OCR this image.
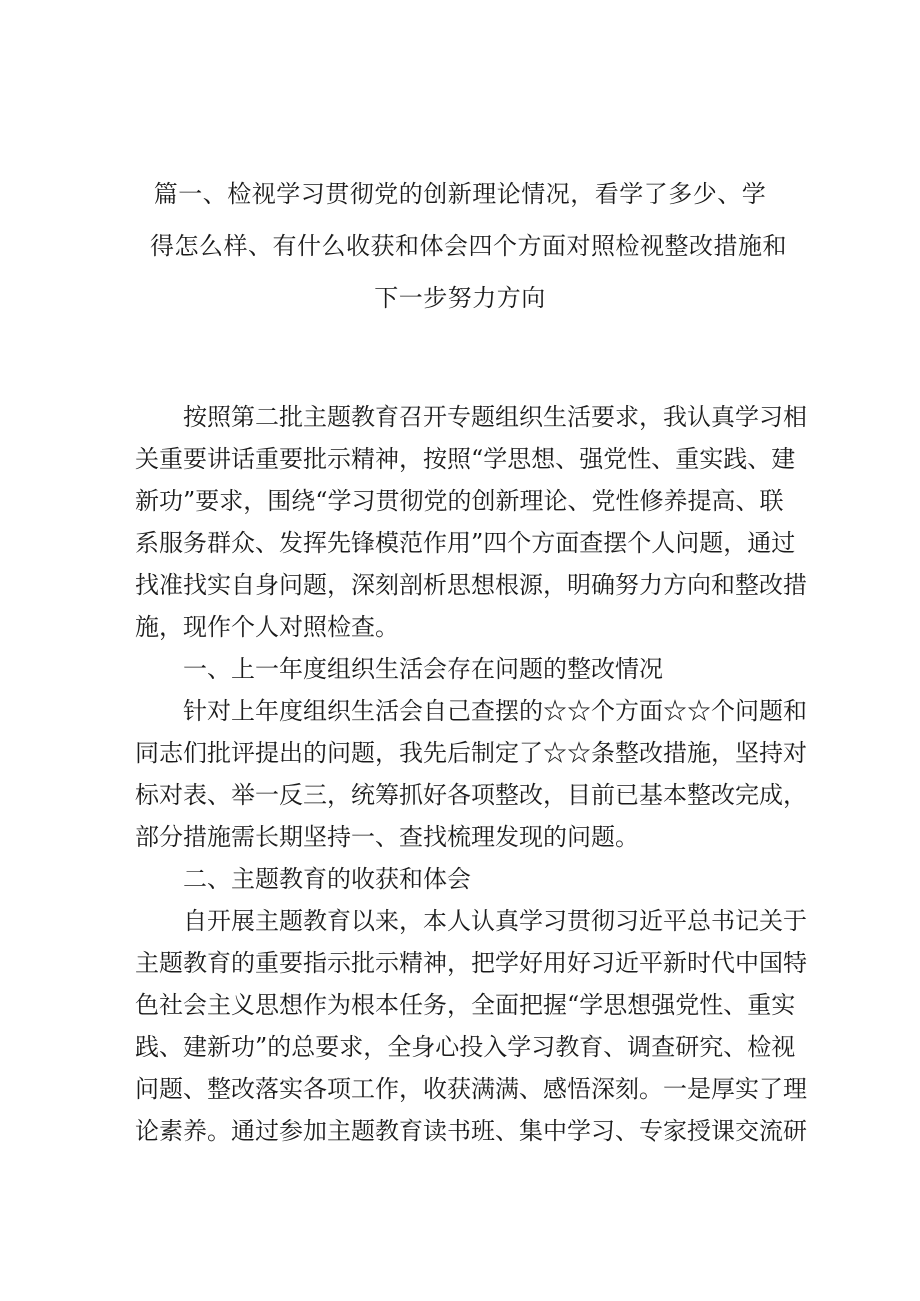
篇一、检视学习贯彻党的创新理论情况，看学了多少、学
得怎么样、有什么收获和体会四个方面对照检视整改措施和
下一步努力方向
按照第二批主题教育召开专题组织生活要求，我认真学习相
关重要讲话重要批示精神，按照“学思想、强党性、重实践、建
新功”要求，围绕“学习贯彻党的创新理论、党性修养提高、联
系服务群众、发挥先锋模范作用”四个方面查摆个人问题，通过
找准找实自身问题，深刻剖析思想根源，明确努力方向和整改措
施，现作个人对照检查。
一、上一年度组织生活会存在问题的整改情况
针对上年度组织生活会自己查摆的☆☆个方面☆☆个问题和
同志们批评提出的问题，我先后制定了☆☆条整改措施，坚持对
标对表、举一反三，统筹抓好各项整改，目前已基本整改完成，
部分措施需长期坚持一、查找梳理发现的问题。
二、主题教育的收获和体会
自开展主题教育以来，本人认真学习贯彻习近平总书记关于
主题教育的重要指示批示精神，把学好用好习近平新时代中国特
色社会主义思想作为根本任务，全面把握“学思想强党性、重实
践、建新功”的总要求，全身心投入学习教育、调查研究、检视
问题、整改落实各项工作，收获满满、感悟深刻。一是厚实了理
论素养。通过参加主题教育读书班、集中学习、专家授课交流研
